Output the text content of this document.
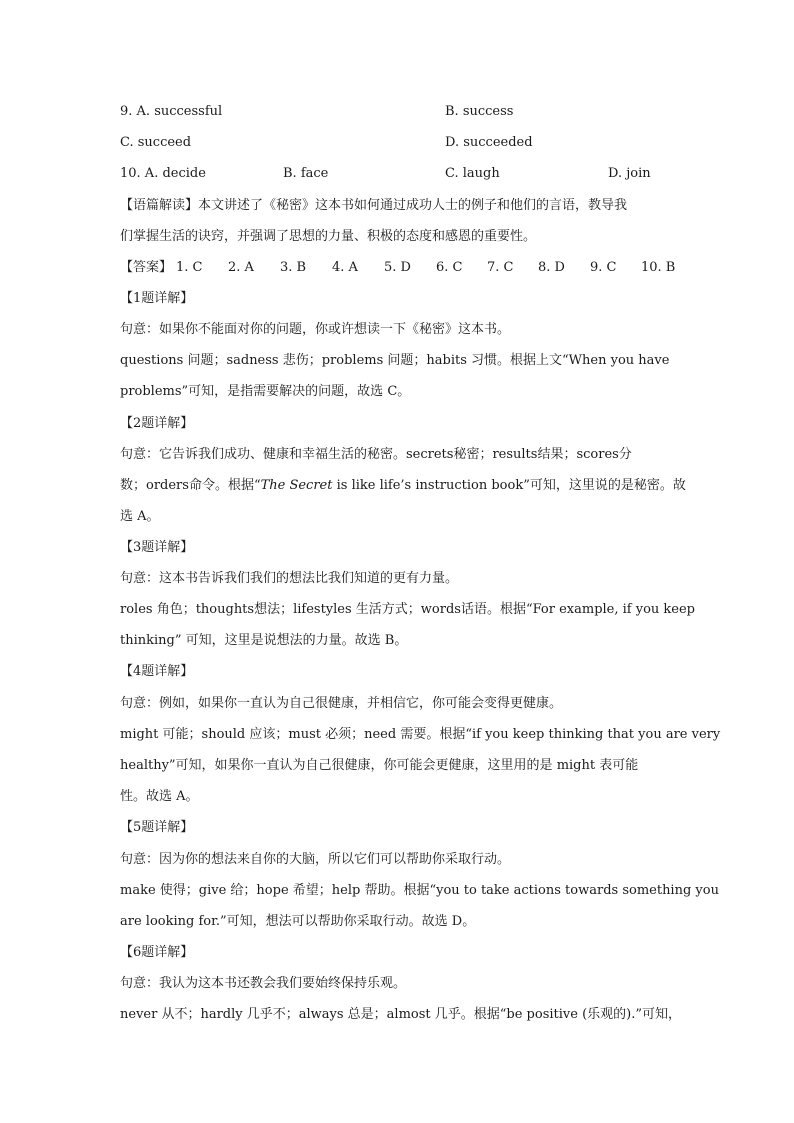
9. A. successful	B. success
C. succeed	D. succeeded
10. A. decide	B. face	C. laugh	D. join
【语篇解读】本文讲述了《秘密》这本书如何通过成功人士的例子和他们的言语，教导我
们掌握生活的诀窍，并强调了思想的力量、积极的态度和感恩的重要性。
【答案】 1. C 2. A 3. B 4. A 5. D 6. C 7. C 8. D 9. C 10. B
【1题详解】
句意：如果你不能面对你的问题，你或许想读一下《秘密》这本书。
questions 问题；sadness 悲伤；problems 问题；habits 习惯。根据上文“When you have
problems”可知，是指需要解决的问题，故选 C。
【2题详解】
句意：它告诉我们成功、健康和幸福生活的秘密。secrets秘密；results结果；scores分
数；orders命令。根据“The Secret is like life’s instruction book”可知，这里说的是秘密。故
选 A。
【3题详解】
句意：这本书告诉我们我们的想法比我们知道的更有力量。
roles 角色；thoughts想法；lifestyles 生活方式；words话语。根据“For example, if you keep
thinking” 可知，这里是说想法的力量。故选 B。
【4题详解】
句意：例如，如果你一直认为自己很健康，并相信它，你可能会变得更健康。
might 可能；should 应该；must 必须；need 需要。根据“if you keep thinking that you are very
healthy”可知，如果你一直认为自己很健康，你可能会更健康，这里用的是 might 表可能
性。故选 A。
【5题详解】
句意：因为你的想法来自你的大脑，所以它们可以帮助你采取行动。
make 使得；give 给；hope 希望；help 帮助。根据“you to take actions towards something you
are looking for.”可知，想法可以帮助你采取行动。故选 D。
【6题详解】
句意：我认为这本书还教会我们要始终保持乐观。
never 从不；hardly 几乎不；always 总是；almost 几乎。根据“be positive (乐观的).”可知，
